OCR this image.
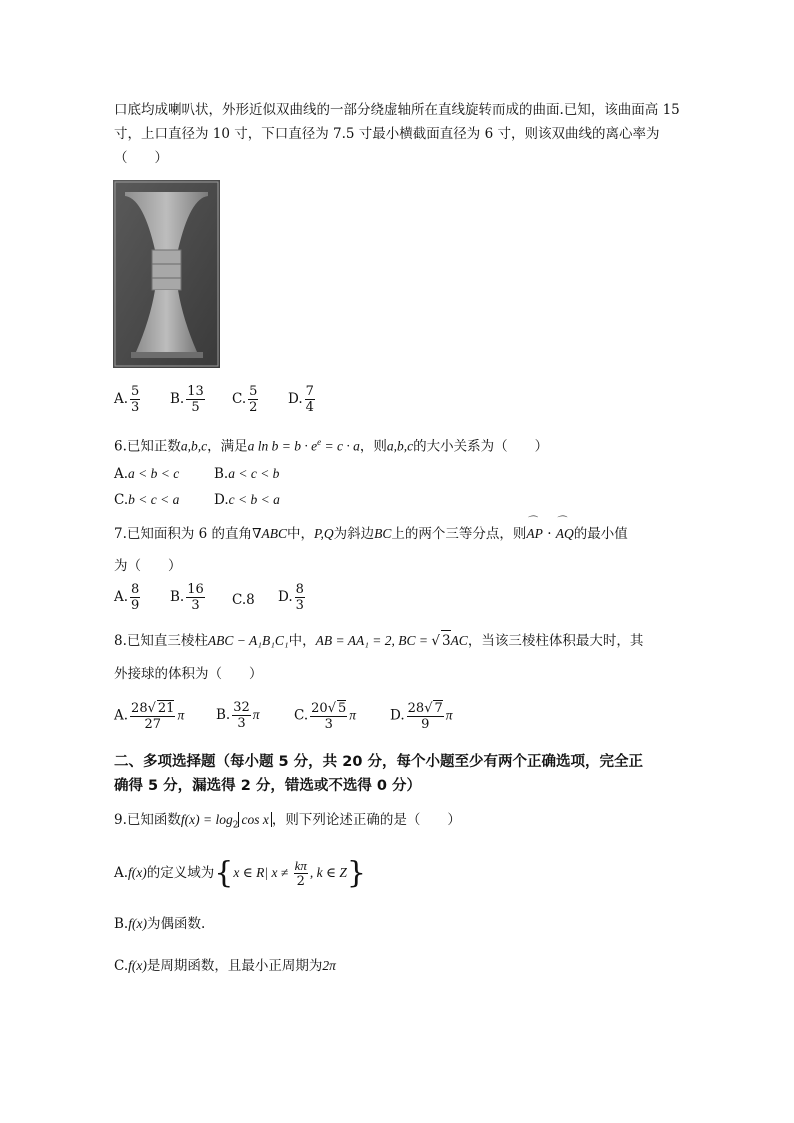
口底均成喇叭状，外形近似双曲线的一部分绕虚轴所在直线旋转而成的曲面.已知，该曲面高 15
寸，上口直径为 10 寸，下口直径为 7.5 寸最小横截面直径为 6 寸，则该双曲线的离心率为
（　　）
A. $\frac{5}{3} B$. $\frac{13}{5} C$. $\frac{5}{2} D$. $\frac{7}{4}$
6.已知正数a,b,c，满足a $\ln b = b \cdot e^e = c \cdot a$，则a,b,c的大小关系为（　　）
A.a < b < c	B.a < c < b
C.b < c < a	D.c < b < a
7.已知面积为 6 的直角∇ABC中，P,Q为斜边BC上的两个三等分点，则⌒ AP · ⌒ AQ的最小值
为（　　）
A. $\frac{8}{9} B$. $\frac{16}{3} C.8$ D. $\frac{8}{3}$
8.已知直三棱柱ABC − A₁B₁C₁中，AB = AA₁ = 2, BC = √ 3AC，当该三棱柱体积最大时，其
外接球的体积为（　　）
A. $\frac{28√ 21}{27}$ π B. $\frac{32}{3}$ π	C. $\frac{20√ 5}{3}$ π	D. $\frac{28√ 7}{9}$ π
二、多项选择题（每小题 5 分，共 20 分，每个小题至少有两个正确选项，完全正
确得 5 分，漏选得 2 分，错选或不选得 0 分）
9.已知函数$f(x) = \log_2 \cos x$ ，则下列论述正确的是（　　）
A.f(x)的定义域为{x ∈ R| $x \ne \frac{k\pi}{2}$ , k ∈ Z}
B.f(x)为偶函数.
C.f(x)是周期函数，且最小正周期为2π
